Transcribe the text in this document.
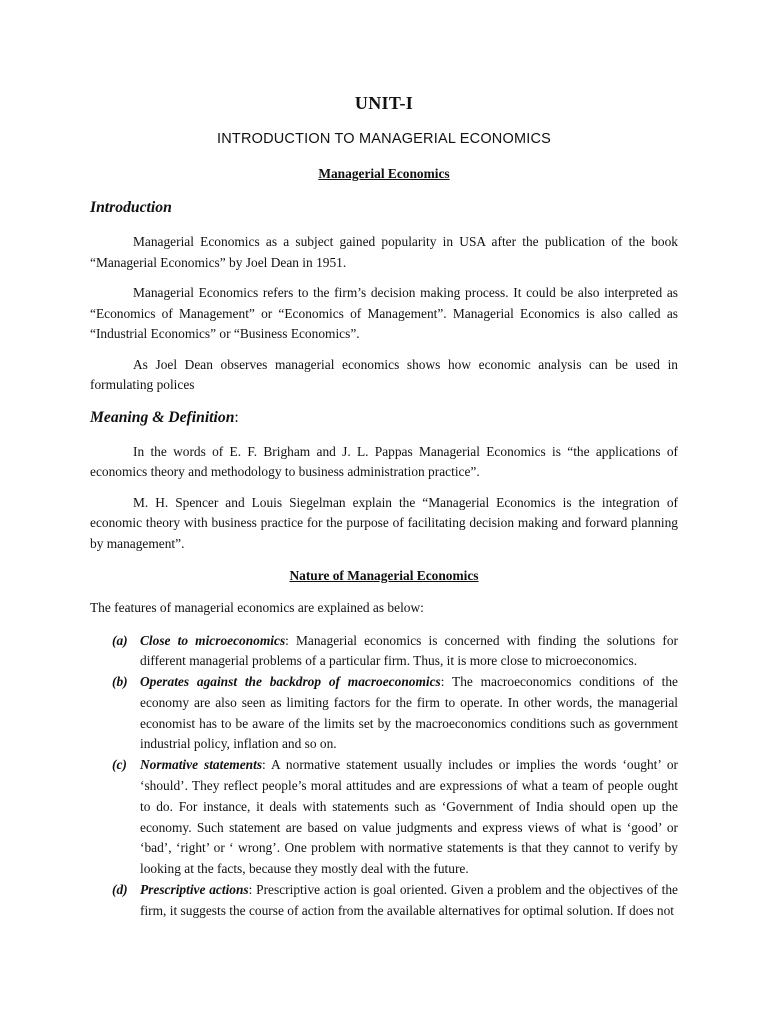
UNIT-I
INTRODUCTION TO MANAGERIAL ECONOMICS
Managerial Economics
Introduction

Managerial Economics as a subject gained popularity in USA after the publication of the book “Managerial Economics” by Joel Dean in 1951.

Managerial Economics refers to the firm’s decision making process. It could be also interpreted as “Economics of Management” or “Economics of Management”. Managerial Economics is also called as “Industrial Economics” or “Business Economics”.

As Joel Dean observes managerial economics shows how economic analysis can be used in formulating polices

Meaning & Definition:

In the words of E. F. Brigham and J. L. Pappas Managerial Economics is “the applications of economics theory and methodology to business administration practice”.

M. H. Spencer and Louis Siegelman explain the “Managerial Economics is the integration of economic theory with business practice for the purpose of facilitating decision making and forward planning by management”.

Nature of Managerial Economics

The features of managerial economics are explained as below:

(a) Close to microeconomics: Managerial economics is concerned with finding the solutions for different managerial problems of a particular firm. Thus, it is more close to microeconomics.
(b) Operates against the backdrop of macroeconomics: The macroeconomics conditions of the economy are also seen as limiting factors for the firm to operate. In other words, the managerial economist has to be aware of the limits set by the macroeconomics conditions such as government industrial policy, inflation and so on.
(c) Normative statements: A normative statement usually includes or implies the words ‘ought’ or ‘should’. They reflect people’s moral attitudes and are expressions of what a team of people ought to do. For instance, it deals with statements such as ‘Government of India should open up the economy. Such statement are based on value judgments and express views of what is ‘good’ or ‘bad’, ‘right’ or ‘ wrong’. One problem with normative statements is that they cannot to verify by looking at the facts, because they mostly deal with the future.
(d) Prescriptive actions: Prescriptive action is goal oriented. Given a problem and the objectives of the firm, it suggests the course of action from the available alternatives for optimal solution. If does not
